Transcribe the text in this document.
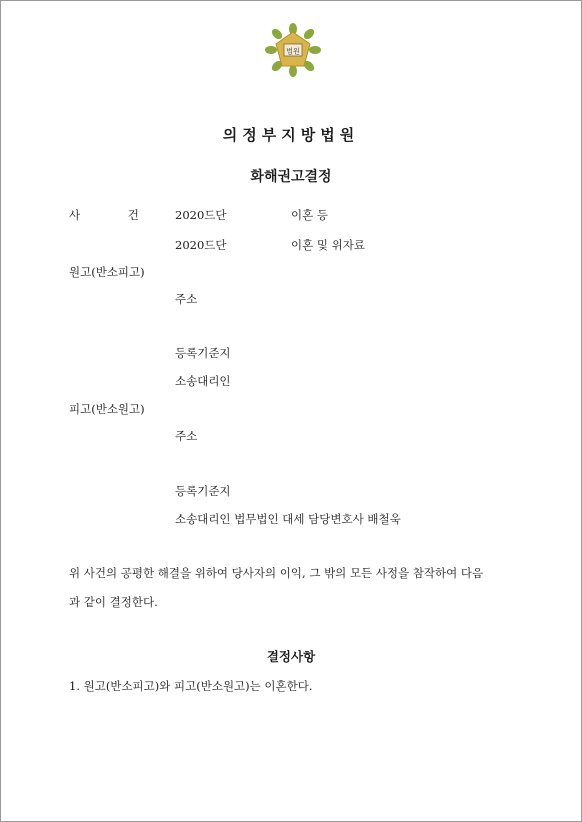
법원
의정부지방법원
화해권고결정
사 건 2020드단	이혼 등
2020드단	이혼 및 위자료
원고(반소피고)
주소
등록기준지
소송대리인
피고(반소원고)
주소
등록기준지
소송대리인 법무법인 대세 담당변호사 배철욱
위 사건의 공평한 해결을 위하여 당사자의 이익, 그 밖의 모든 사정을 참작하여 다음
과 같이 결정한다.
결정사항
1. 원고(반소피고)와 피고(반소원고)는 이혼한다.
